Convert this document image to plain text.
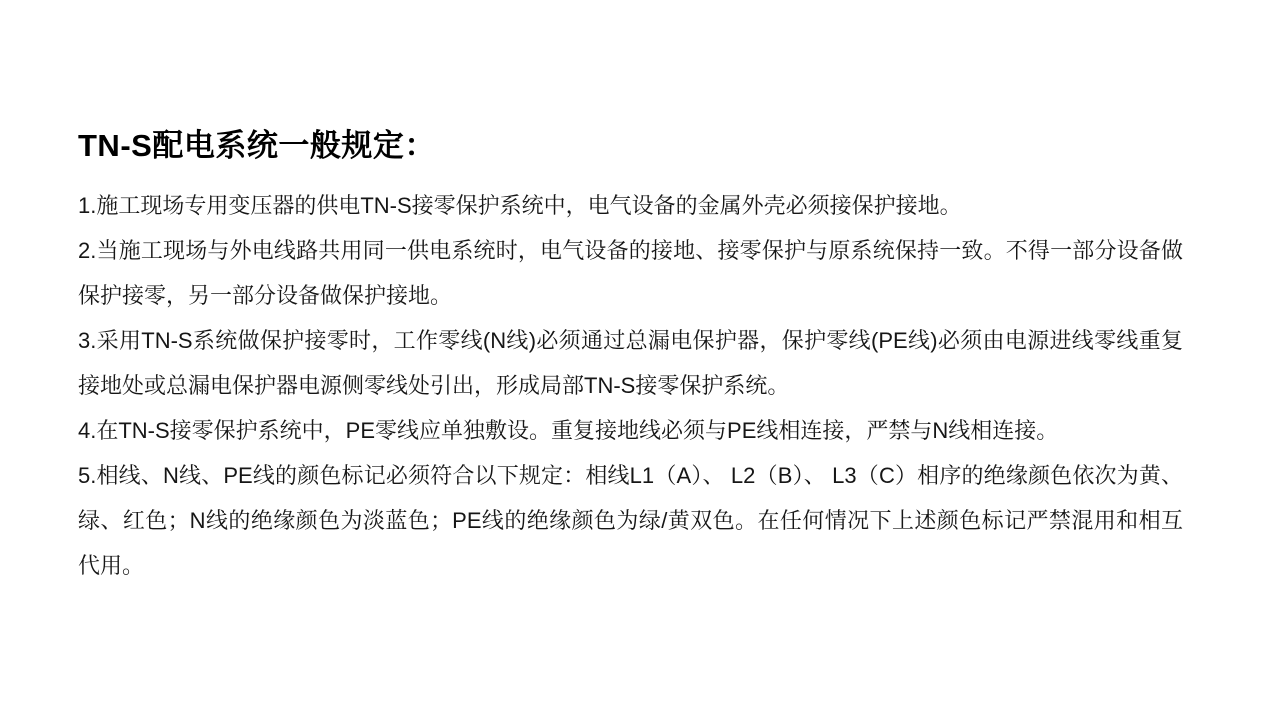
TN-S配电系统一般规定：

1.施工现场专用变压器的供电TN-S接零保护系统中，电气设备的金属外壳必须接保护接地。

2.当施工现场与外电线路共用同一供电系统时，电气设备的接地、接零保护与原系统保持一致。不得一部分设备做保护接零，另一部分设备做保护接地。

3.采用TN-S系统做保护接零时，工作零线(N线)必须通过总漏电保护器，保护零线(PE线)必须由电源进线零线重复接地处或总漏电保护器电源侧零线处引出，形成局部TN-S接零保护系统。

4.在TN-S接零保护系统中，PE零线应单独敷设。重复接地线必须与PE线相连接，严禁与N线相连接。

5.相线、N线、PE线的颜色标记必须符合以下规定：相线L1（A）、 L2（B）、 L3（C）相序的绝缘颜色依次为黄、绿、红色；N线的绝缘颜色为淡蓝色；PE线的绝缘颜色为绿/黄双色。在任何情况下上述颜色标记严禁混用和相互代用。
